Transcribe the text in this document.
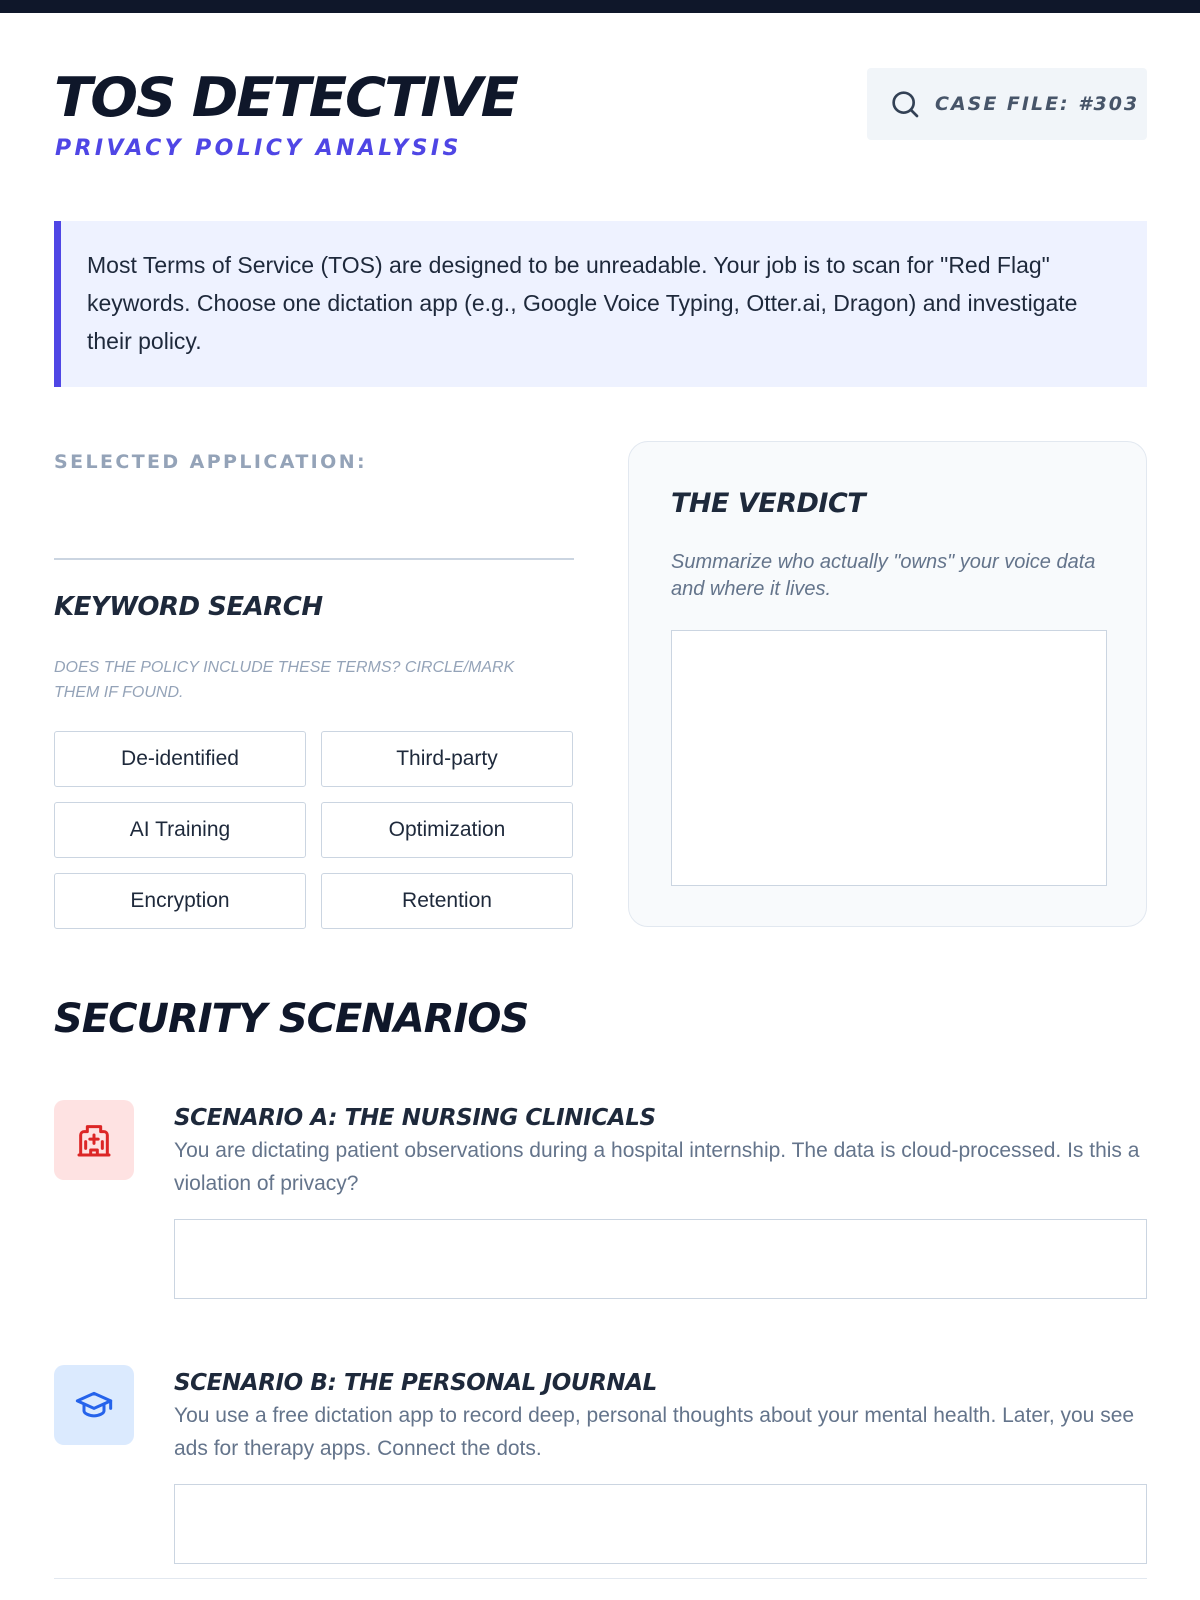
TOS DETECTIVE
PRIVACY POLICY ANALYSIS
CASE FILE: #303

Most Terms of Service (TOS) are designed to be unreadable. Your job is to scan for "Red Flag" keywords. Choose one dictation app (e.g., Google Voice Typing, Otter.ai, Dragon) and investigate their policy.

SELECTED APPLICATION:
KEYWORD SEARCH

DOES THE POLICY INCLUDE THESE TERMS? CIRCLE/MARK THEM IF FOUND.

De-identified	Third-party
AI Training	Optimization
Encryption	Retention
THE VERDICT

Summarize who actually "owns" your voice data and where it lives.

SECURITY SCENARIOS
SCENARIO A: THE NURSING CLINICALS

You are dictating patient observations during a hospital internship. The data is cloud-processed. Is this a violation of privacy?

SCENARIO B: THE PERSONAL JOURNAL

You use a free dictation app to record deep, personal thoughts about your mental health. Later, you see ads for therapy apps. Connect the dots.
